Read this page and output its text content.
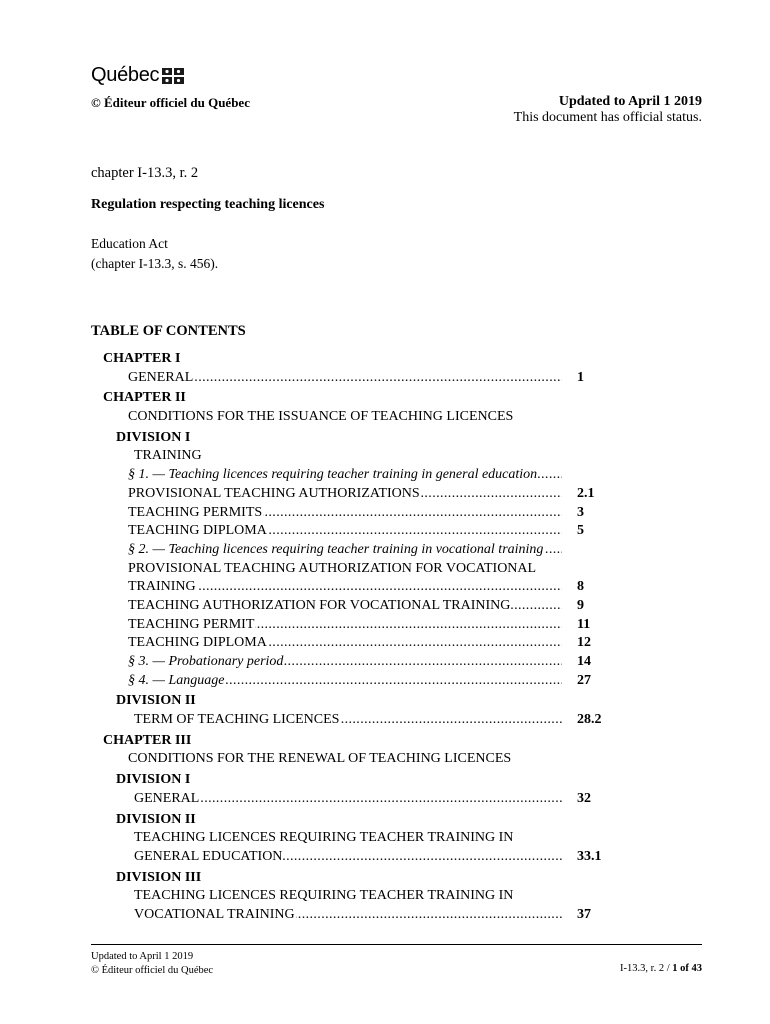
Québec
© Éditeur officiel du Québec	Updated to April 1 2019
This document has official status.
chapter I-13.3, r. 2
Regulation respecting teaching licences
Education Act
(chapter I-13.3, s. 456).
TABLE OF CONTENTS
CHAPTER I
GENERAL .....	1
CHAPTER II
CONDITIONS FOR THE ISSUANCE OF TEACHING LICENCES
DIVISION I
TRAINING
§ 1. — Teaching licences requiring teacher training in general education .....
PROVISIONAL TEACHING AUTHORIZATIONS .....	2.1
TEACHING PERMITS .....	3
TEACHING DIPLOMA .....	5
§ 2. — Teaching licences requiring teacher training in vocational training .....
PROVISIONAL TEACHING AUTHORIZATION FOR VOCATIONAL
TRAINING .....	8
TEACHING AUTHORIZATION FOR VOCATIONAL TRAINING .....	9
TEACHING PERMIT .....	11
TEACHING DIPLOMA .....	12
§ 3. — Probationary period .....	14
§ 4. — Language .....	27
DIVISION II
TERM OF TEACHING LICENCES .....	28.2
CHAPTER III
CONDITIONS FOR THE RENEWAL OF TEACHING LICENCES
DIVISION I
GENERAL .....	32
DIVISION II
TEACHING LICENCES REQUIRING TEACHER TRAINING IN
GENERAL EDUCATION .....	33.1
DIVISION III
TEACHING LICENCES REQUIRING TEACHER TRAINING IN
VOCATIONAL TRAINING .....	37
Updated to April 1 2019
© Éditeur officiel du Québec	I-13.3, r. 2 / 1 of 43
